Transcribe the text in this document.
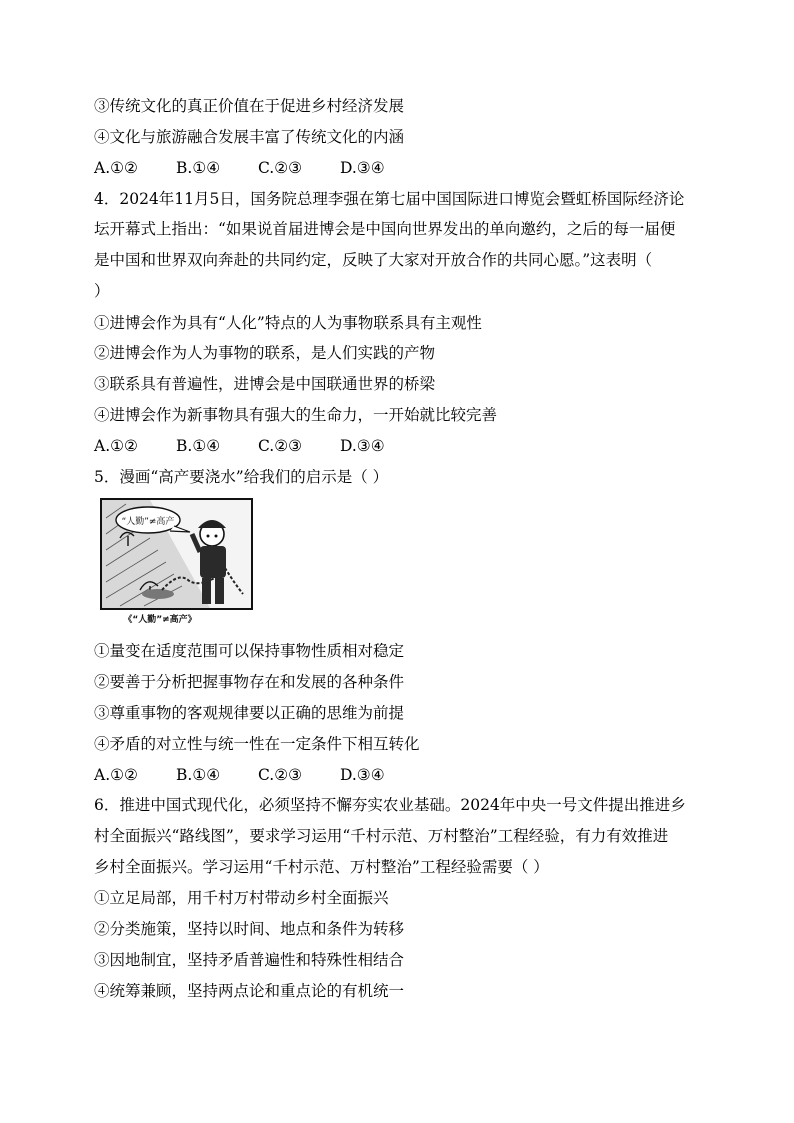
③传统文化的真正价值在于促进乡村经济发展
④文化与旅游融合发展丰富了传统文化的内涵
A.①② B.①④ C.②③ D.③④
4．2024年11月5日，国务院总理李强在第七届中国国际进口博览会暨虹桥国际经济论
坛开幕式上指出：“如果说首届进博会是中国向世界发出的单向邀约，之后的每一届便
是中国和世界双向奔赴的共同约定，反映了大家对开放合作的共同心愿。”这表明（
）
①进博会作为具有“人化”特点的人为事物联系具有主观性
②进博会作为人为事物的联系，是人们实践的产物
③联系具有普遍性，进博会是中国联通世界的桥梁
④进博会作为新事物具有强大的生命力，一开始就比较完善
A.①② B.①④ C.②③ D.③④
5．漫画“高产要浇水”给我们的启示是（ ）
“人勤”≠高产
《“人勤”≠高产》
①量变在适度范围可以保持事物性质相对稳定
②要善于分析把握事物存在和发展的各种条件
③尊重事物的客观规律要以正确的思维为前提
④矛盾的对立性与统一性在一定条件下相互转化
A.①② B.①④ C.②③ D.③④
6．推进中国式现代化，必须坚持不懈夯实农业基础。2024年中央一号文件提出推进乡
村全面振兴“路线图”，要求学习运用“千村示范、万村整治”工程经验，有力有效推进
乡村全面振兴。学习运用“千村示范、万村整治”工程经验需要（ ）
①立足局部，用千村万村带动乡村全面振兴
②分类施策，坚持以时间、地点和条件为转移
③因地制宜，坚持矛盾普遍性和特殊性相结合
④统筹兼顾，坚持两点论和重点论的有机统一
